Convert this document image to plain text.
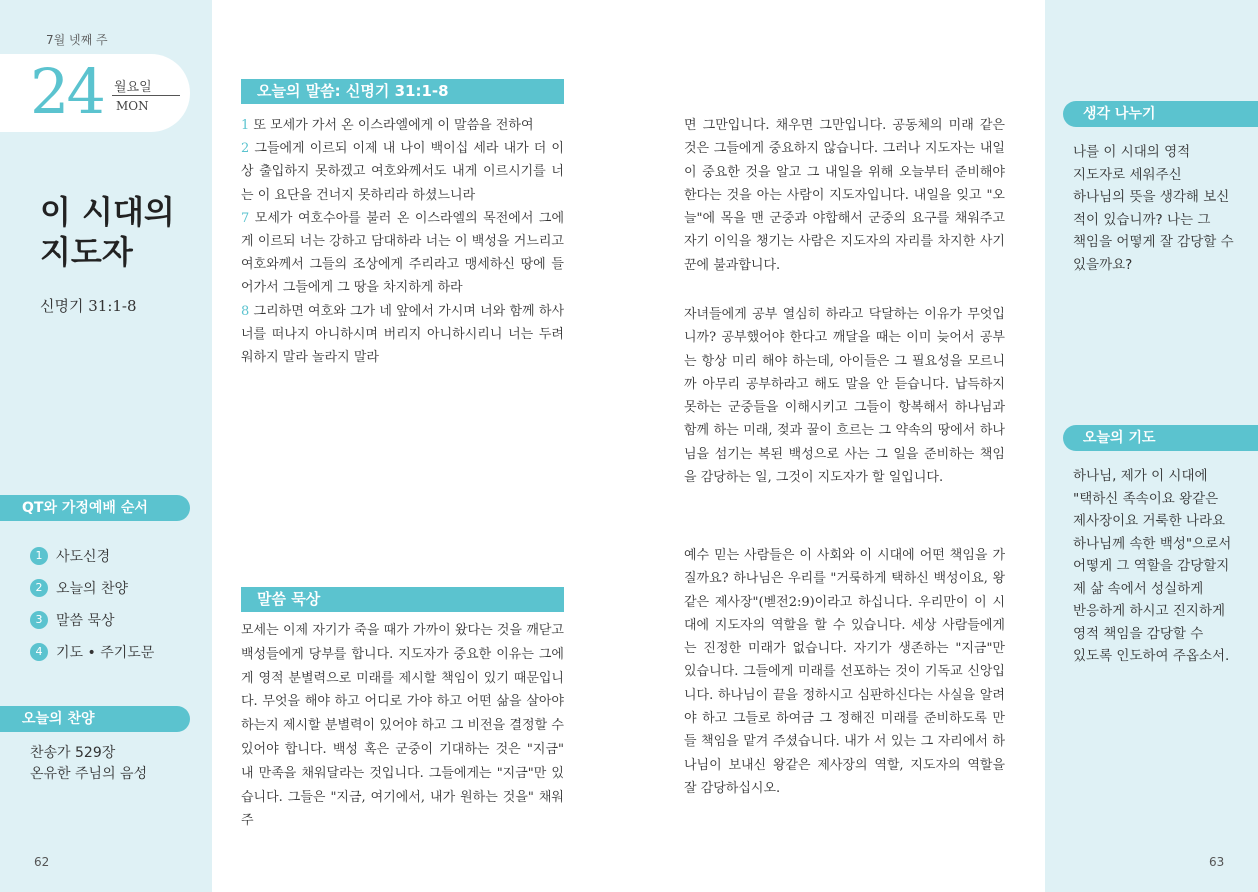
7월 넷째 주
24 월요일
MON
이 시대의
지도자
신명기 31:1-8
QT와 가정예배 순서
1 사도신경
2 오늘의 찬양
3 말씀 묵상
4 기도 • 주기도문
오늘의 찬양
찬송가 529장
온유한 주님의 음성
62
오늘의 말씀: 신명기 31:1-8

1 또 모세가 가서 온 이스라엘에게 이 말씀을 전하여

2 그들에게 이르되 이제 내 나이 백이십 세라 내가 더 이상 출입하지 못하겠고 여호와께서도 내게 이르시기를 너는 이 요단을 건너지 못하리라 하셨느니라

7 모세가 여호수아를 불러 온 이스라엘의 목전에서 그에게 이르되 너는 강하고 담대하라 너는 이 백성을 거느리고 여호와께서 그들의 조상에게 주리라고 맹세하신 땅에 들어가서 그들에게 그 땅을 차지하게 하라

8 그리하면 여호와 그가 네 앞에서 가시며 너와 함께 하사 너를 떠나지 아니하시며 버리지 아니하시리니 너는 두려워하지 말라 놀라지 말라

말씀 묵상

모세는 이제 자기가 죽을 때가 가까이 왔다는 것을 깨닫고 백성들에게 당부를 합니다. 지도자가 중요한 이유는 그에게 영적 분별력으로 미래를 제시할 책임이 있기 때문입니다. 무엇을 해야 하고 어디로 가야 하고 어떤 삶을 살아야 하는지 제시할 분별력이 있어야 하고 그 비전을 결정할 수 있어야 합니다. 백성 혹은 군중이 기대하는 것은 "지금" 내 만족을 채워달라는 것입니다. 그들에게는 "지금"만 있습니다. 그들은 "지금, 여기에서, 내가 원하는 것을" 채워주

면 그만입니다. 채우면 그만입니다. 공동체의 미래 같은 것은 그들에게 중요하지 않습니다. 그러나 지도자는 내일이 중요한 것을 알고 그 내일을 위해 오늘부터 준비해야 한다는 것을 아는 사람이 지도자입니다. 내일을 잊고 "오늘"에 목을 맨 군중과 야합해서 군중의 요구를 채워주고 자기 이익을 챙기는 사람은 지도자의 자리를 차지한 사기꾼에 불과합니다.

자녀들에게 공부 열심히 하라고 닥달하는 이유가 무엇입니까? 공부했어야 한다고 깨달을 때는 이미 늦어서 공부는 항상 미리 해야 하는데, 아이들은 그 필요성을 모르니까 아무리 공부하라고 해도 말을 안 듣습니다. 납득하지 못하는 군중들을 이해시키고 그들이 항복해서 하나님과 함께 하는 미래, 젖과 꿀이 흐르는 그 약속의 땅에서 하나님을 섬기는 복된 백성으로 사는 그 일을 준비하는 책임을 감당하는 일, 그것이 지도자가 할 일입니다.

예수 믿는 사람들은 이 사회와 이 시대에 어떤 책임을 가질까요? 하나님은 우리를 "거룩하게 택하신 백성이요, 왕같은 제사장"(벧전2:9)이라고 하십니다. 우리만이 이 시대에 지도자의 역할을 할 수 있습니다. 세상 사람들에게는 진정한 미래가 없습니다. 자기가 생존하는 "지금"만 있습니다. 그들에게 미래를 선포하는 것이 기독교 신앙입니다. 하나님이 끝을 정하시고 심판하신다는 사실을 알려야 하고 그들로 하여금 그 정해진 미래를 준비하도록 만들 책임을 맡겨 주셨습니다. 내가 서 있는 그 자리에서 하나님이 보내신 왕같은 제사장의 역할, 지도자의 역할을 잘 감당하십시오.

생각 나누기
나를 이 시대의 영적
지도자로 세워주신
하나님의 뜻을 생각해 보신
적이 있습니까? 나는 그
책임을 어떻게 잘 감당할 수
있을까요?
오늘의 기도
하나님, 제가 이 시대에
"택하신 족속이요 왕같은
제사장이요 거룩한 나라요
하나님께 속한 백성"으로서
어떻게 그 역할을 감당할지
제 삶 속에서 성실하게
반응하게 하시고 진지하게
영적 책임을 감당할 수
있도록 인도하여 주옵소서.
63
